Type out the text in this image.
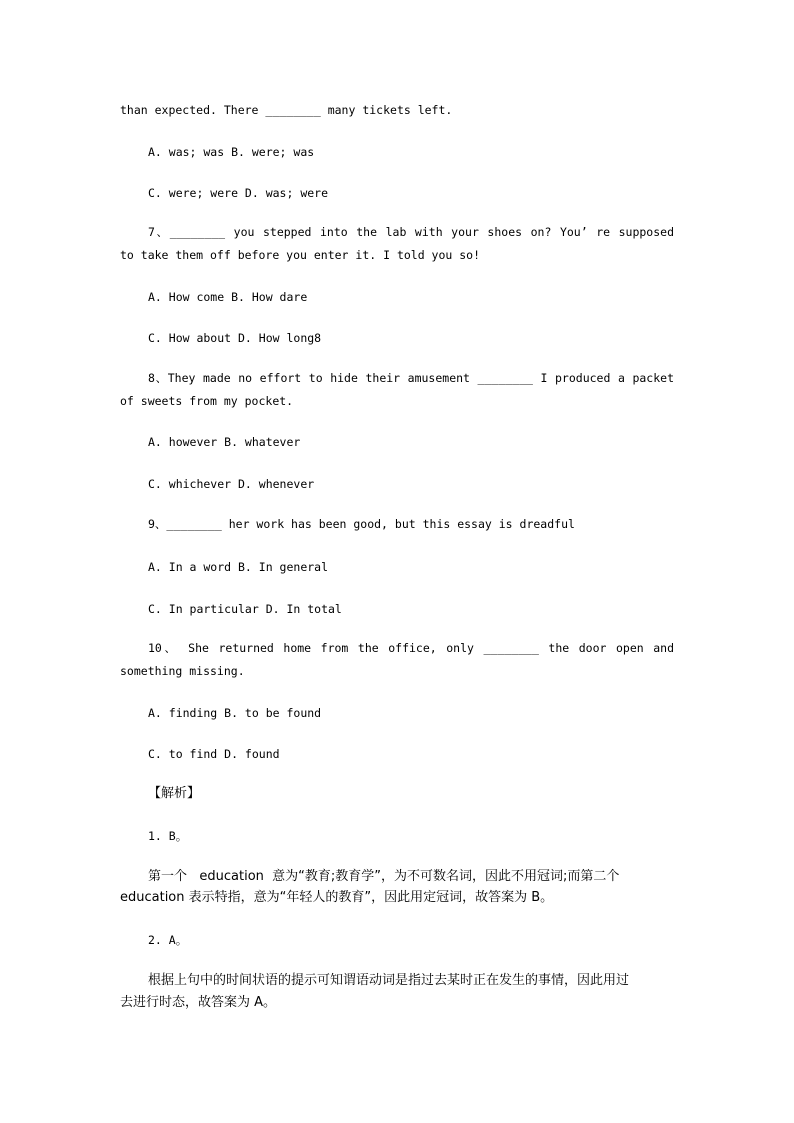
than expected. There ________ many tickets left.
A. was; was B. were; was
C. were; were D. was; were
7、________ you stepped into the lab with your shoes on? You’ re supposed
to take them off before you enter it. I told you so!
A. How come B. How dare
C. How about D. How long8
8、They made no effort to hide their amusement ________ I produced a packet
of sweets from my pocket.
A. however B. whatever
C. whichever D. whenever
9、________ her work has been good, but this essay is dreadful
A. In a word B. In general
C. In particular D. In total
10、 She returned home from the office, only ________ the door open and
something missing.
A. finding B. to be found
C. to find D. found
【解析】
1. B。
第一个   education  意为“教育;教育学”，为不可数名词，因此不用冠词;而第二个
education 表示特指，意为“年轻人的教育”，因此用定冠词，故答案为 B。
2. A。
根据上句中的时间状语的提示可知谓语动词是指过去某时正在发生的事情，因此用过
去进行时态，故答案为 A。
